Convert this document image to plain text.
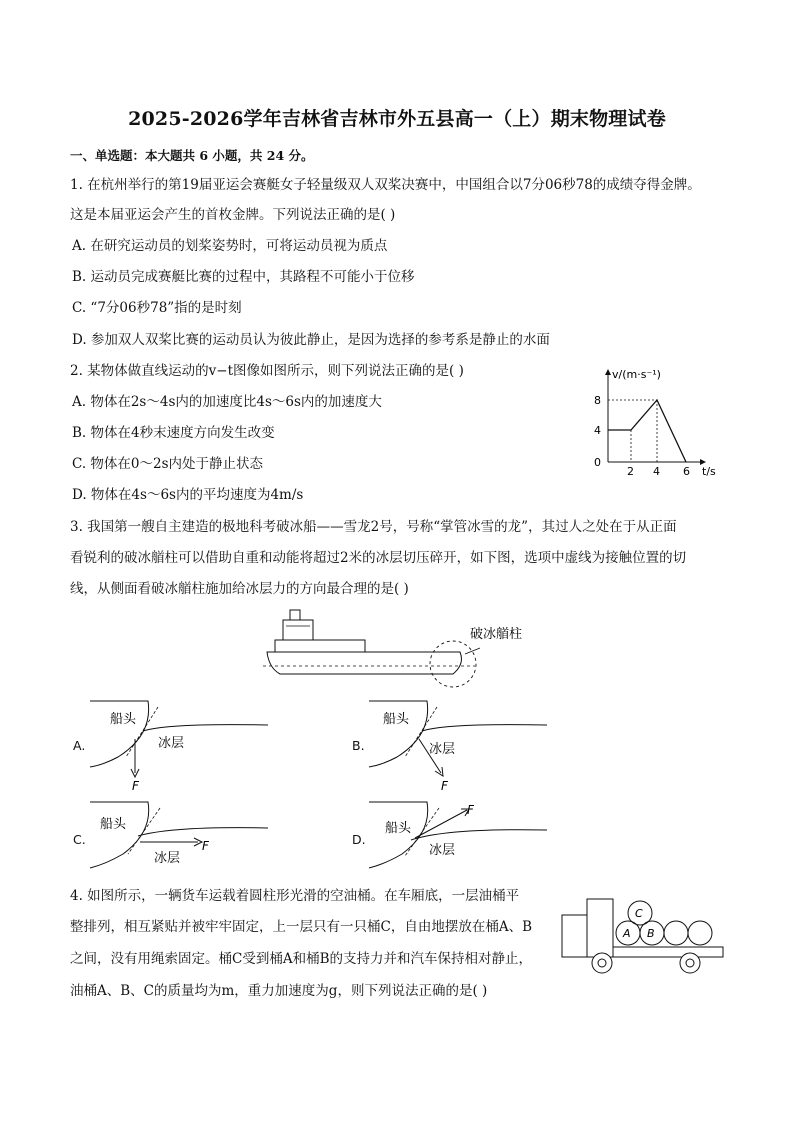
2025-2026学年吉林省吉林市外五县高一（上）期末物理试卷
一、单选题：本大题共 6 小题，共 24 分。
1. 在杭州举行的第19届亚运会赛艇女子轻量级双人双桨决赛中，中国组合以7分06秒78的成绩夺得金牌。
这是本届亚运会产生的首枚金牌。下列说法正确的是( )
A. 在研究运动员的划桨姿势时，可将运动员视为质点
B. 运动员完成赛艇比赛的过程中，其路程不可能小于位移
C. “7分06秒78”指的是时刻
D. 参加双人双桨比赛的运动员认为彼此静止，是因为选择的参考系是静止的水面
2. 某物体做直线运动的v−t图像如图所示，则下列说法正确的是( )
A. 物体在2s～4s内的加速度比4s～6s内的加速度大
B. 物体在4秒末速度方向发生改变
C. 物体在0～2s内处于静止状态
D. 物体在4s～6s内的平均速度为4m/s
v/(m·s⁻¹)
t/s
8
4
0
2 4 6
3. 我国第一艘自主建造的极地科考破冰船——雪龙2号，号称“掌管冰雪的龙”，其过人之处在于从正面
看锐利的破冰艏柱可以借助自重和动能将超过2米的冰层切压碎开，如下图，选项中虚线为接触位置的切
线，从侧面看破冰艏柱施加给冰层力的方向最合理的是( )
破冰艏柱
A.
船头
冰层
F
B.
船头
冰层
F
C.
船头
冰层
F	D.
船头
冰层
F
4. 如图所示，一辆货车运载着圆柱形光滑的空油桶。在车厢底，一层油桶平
整排列，相互紧贴并被牢牢固定，上一层只有一只桶C，自由地摆放在桶A、B
之间，没有用绳索固定。桶C受到桶A和桶B的支持力并和汽车保持相对静止，
油桶A、B、C的质量均为m，重力加速度为g，则下列说法正确的是( )
A B
C
